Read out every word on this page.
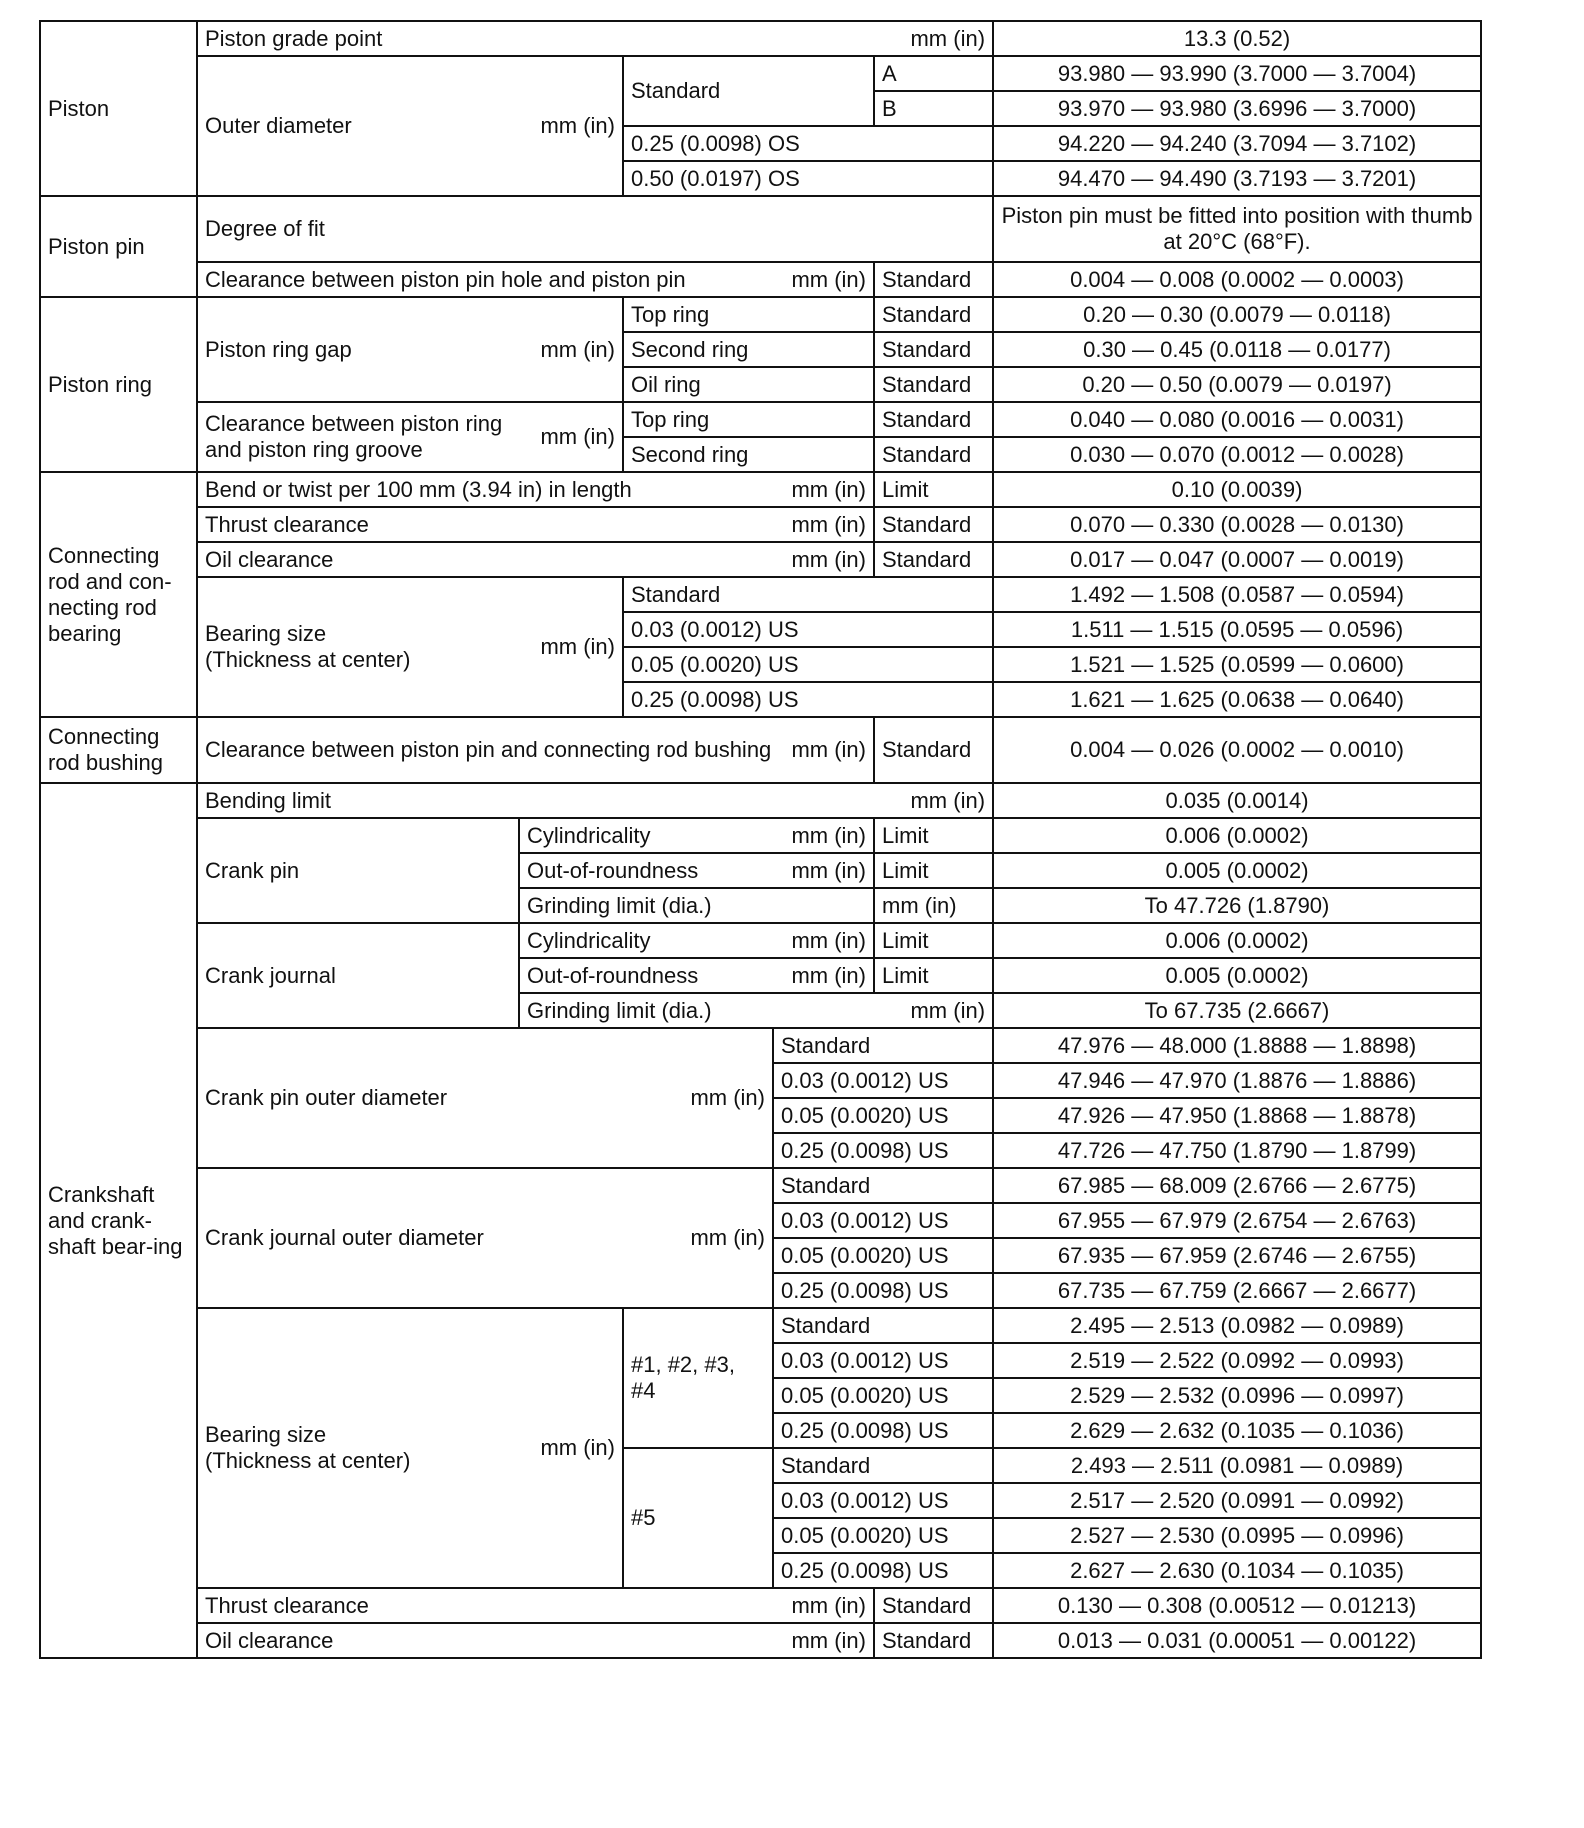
Piston	Piston grade point mm (in)					13.3 (0.52)

	Outer diameter mm (in)		Standard		A	93.980 — 93.990 (3.7000 — 3.7004)
					B	93.970 — 93.980 (3.6996 — 3.7000)
			0.25 (0.0098) OS			94.220 — 94.240 (3.7094 — 3.7102)
			0.50 (0.0197) OS			94.470 — 94.490 (3.7193 — 3.7201)
Piston pin	Degree of fit					Piston pin must be fitted into position with thumb at 20°C (68°F).

	Clearance between piston pin hole and piston pin mm (in)				Standard	0.004 — 0.008 (0.0002 — 0.0003)
Piston ring	Piston ring gap mm (in)		Top ring		Standard	0.20 — 0.30 (0.0079 — 0.0118)
			Second ring		Standard	0.30 — 0.45 (0.0118 — 0.0177)
			Oil ring		Standard	0.20 — 0.50 (0.0079 — 0.0197)

	Clearance between piston ring and piston ring groove
mm (in)		Top ring		Standard	0.040 — 0.080 (0.0016 — 0.0031)
			Second ring		Standard	0.030 — 0.070 (0.0012 — 0.0028)
Connecting rod and con-necting rod bearing	Bend or twist per 100 mm (3.94 in) in length mm (in)				Limit	0.10 (0.0039)

	Thrust clearance mm (in)				Standard	0.070 — 0.330 (0.0028 — 0.0130)

	Oil clearance mm (in)				Standard	0.017 — 0.047 (0.0007 — 0.0019)

	Bearing size
(Thickness at center)
mm (in)		Standard			1.492 — 1.508 (0.0587 — 0.0594)
			0.03 (0.0012) US			1.511 — 1.515 (0.0595 — 0.0596)
			0.05 (0.0020) US			1.521 — 1.525 (0.0599 — 0.0600)
			0.25 (0.0098) US			1.621 — 1.625 (0.0638 — 0.0640)
Connecting rod bushing	Clearance between piston pin and connecting rod bushing mm (in)				Standard	0.004 — 0.026 (0.0002 — 0.0010)
Crankshaft and crank-shaft bear-ing	Bending limit mm (in)					0.035 (0.0014)
	Crank pin	Cylindricality mm (in)			Limit	0.006 (0.0002)

		Out-of-roundness mm (in)			Limit	0.005 (0.0002)
		Grinding limit (dia.)			mm (in)	To 47.726 (1.8790)
	Crank journal	Cylindricality mm (in)			Limit	0.006 (0.0002)

		Out-of-roundness mm (in)			Limit	0.005 (0.0002)

		Grinding limit (dia.) mm (in)				To 67.735 (2.6667)

	Crank pin outer diameter mm (in)			Standard		47.976 — 48.000 (1.8888 — 1.8898)
				0.03 (0.0012) US		47.946 — 47.970 (1.8876 — 1.8886)
				0.05 (0.0020) US		47.926 — 47.950 (1.8868 — 1.8878)
				0.25 (0.0098) US		47.726 — 47.750 (1.8790 — 1.8799)

	Crank journal outer diameter mm (in)			Standard		67.985 — 68.009 (2.6766 — 2.6775)
				0.03 (0.0012) US		67.955 — 67.979 (2.6754 — 2.6763)
				0.05 (0.0020) US		67.935 — 67.959 (2.6746 — 2.6755)
				0.25 (0.0098) US		67.735 — 67.759 (2.6667 — 2.6677)

	Bearing size
(Thickness at center)
mm (in)		#1, #2, #3, #4	Standard		2.495 — 2.513 (0.0982 — 0.0989)
				0.03 (0.0012) US		2.519 — 2.522 (0.0992 — 0.0993)
				0.05 (0.0020) US		2.529 — 2.532 (0.0996 — 0.0997)
				0.25 (0.0098) US		2.629 — 2.632 (0.1035 — 0.1036)
			#5	Standard		2.493 — 2.511 (0.0981 — 0.0989)
				0.03 (0.0012) US		2.517 — 2.520 (0.0991 — 0.0992)
				0.05 (0.0020) US		2.527 — 2.530 (0.0995 — 0.0996)
				0.25 (0.0098) US		2.627 — 2.630 (0.1034 — 0.1035)

	Thrust clearance mm (in)				Standard	0.130 — 0.308 (0.00512 — 0.01213)

	Oil clearance mm (in)				Standard	0.013 — 0.031 (0.00051 — 0.00122)
